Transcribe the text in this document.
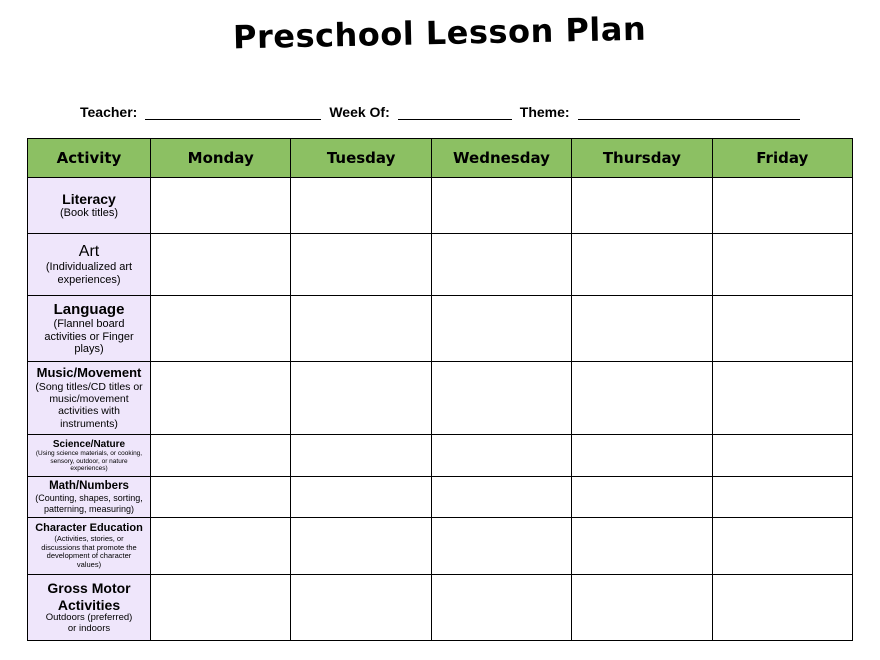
Preschool Lesson Plan
Teacher:	Week Of:	Theme:
Activity	Monday	Tuesday	Wednesday	Thursday	Friday

Literacy
(Book titles)					

Art
(Individualized art experiences)					

Language
(Flannel board activities or Finger plays)					

Music/Movement
(Song titles/CD titles or music/movement activities with instruments)					

Science/Nature
(Using science materials, or cooking, sensory, outdoor, or nature experiences)					

Math/Numbers
(Counting, shapes, sorting, patterning, measuring)					

Character Education
(Activities, stories, or discussions that promote the development of character values)					

Gross Motor Activities
Outdoors (preferred) or indoors					
